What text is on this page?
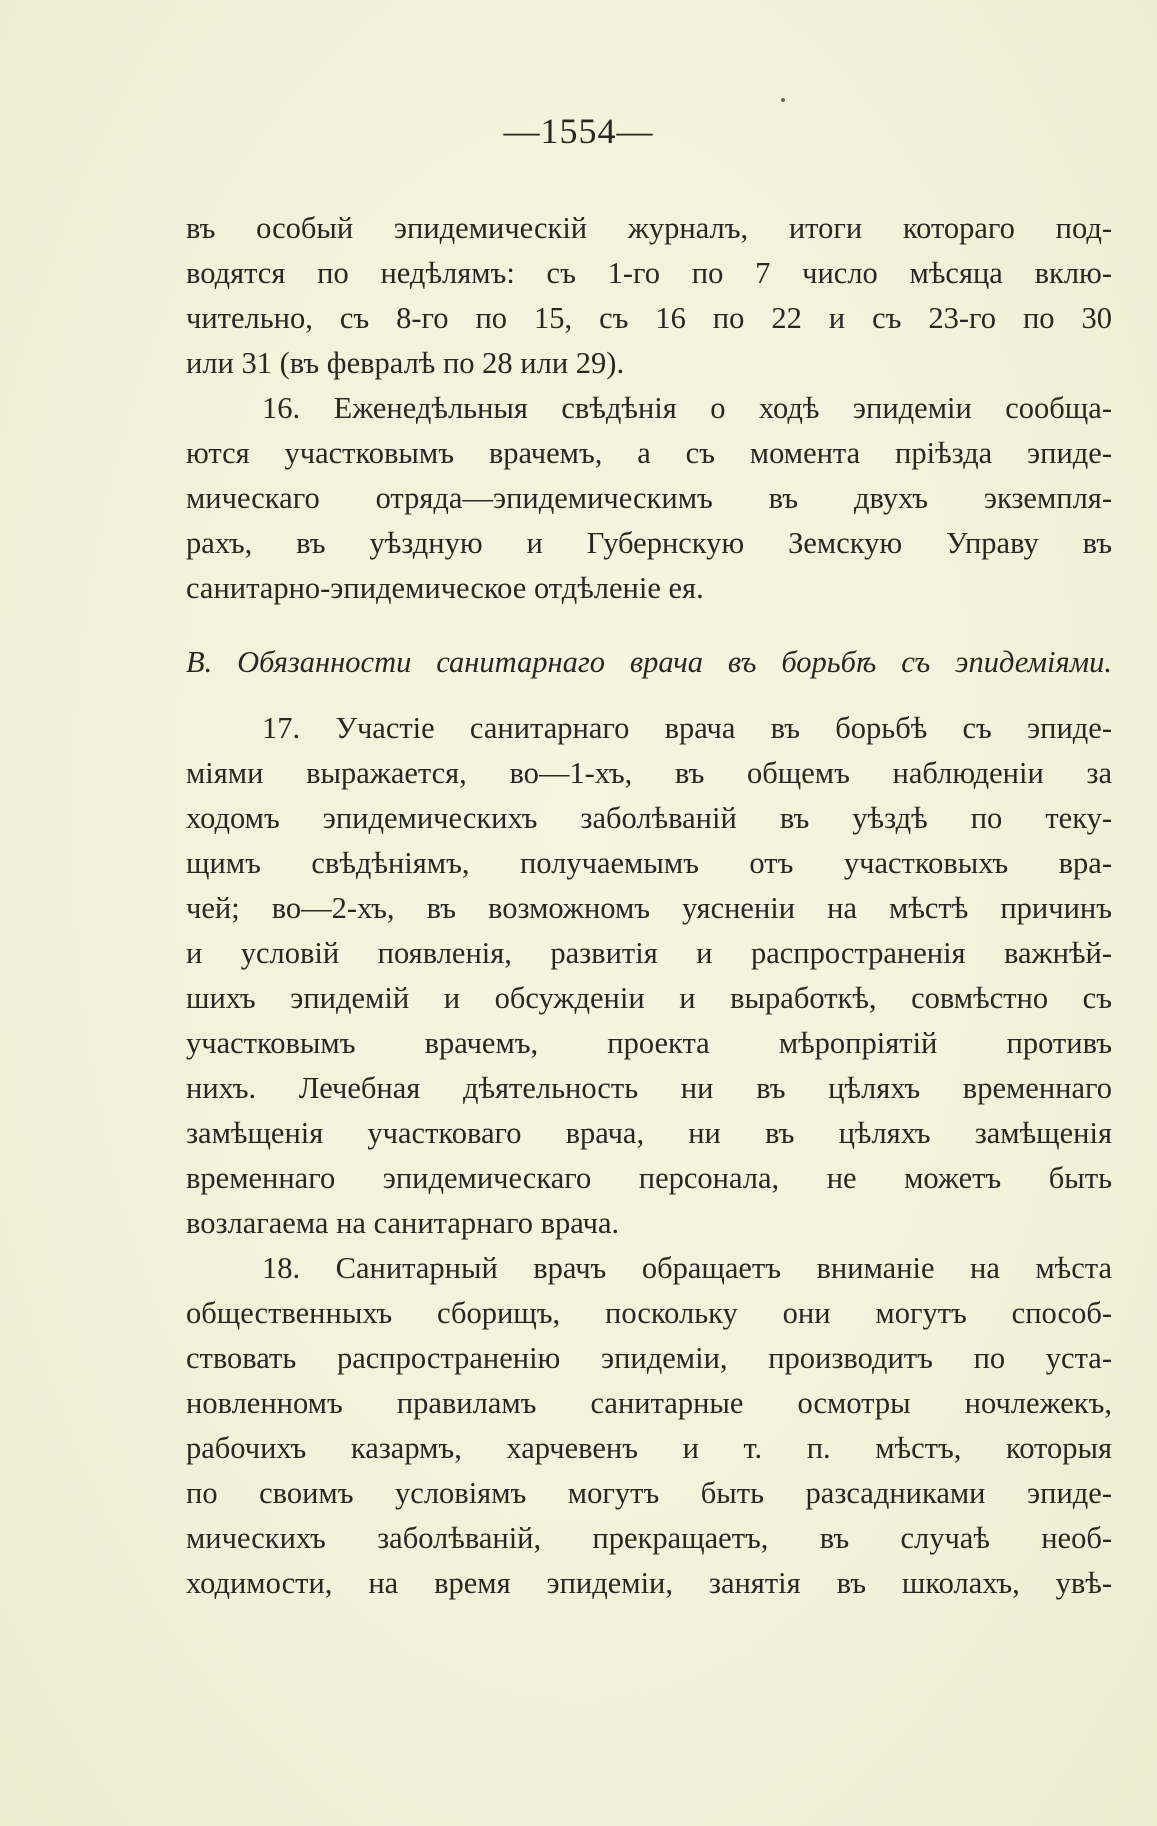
—1554—
въ особый эпидемическій журналъ, итоги котораго под-
водятся по недѣлямъ: съ 1-го по 7 число мѣсяца вклю-
чительно, съ 8-го по 15, съ 16 по 22 и съ 23-го по 30
или 31 (въ февралѣ по 28 или 29).
16. Еженедѣльныя свѣдѣнія о ходѣ эпидеміи сообща-
ются участковымъ врачемъ, а съ момента пріѣзда эпиде-
мическаго отряда—эпидемическимъ въ двухъ экземпля-
рахъ, въ уѣздную и Губернскую Земскую Управу въ
санитарно-эпидемическое отдѣленіе ея.
В. Обязанности санитарнаго врача въ борьбѣ съ эпидеміями.
17. Участіе санитарнаго врача въ борьбѣ съ эпиде-
міями выражается, во—1-хъ, въ общемъ наблюденіи за
ходомъ эпидемическихъ заболѣваній въ уѣздѣ по теку-
щимъ свѣдѣніямъ, получаемымъ отъ участковыхъ вра-
чей; во—2-хъ, въ возможномъ уясненіи на мѣстѣ причинъ
и условій появленія, развитія и распространенія важнѣй-
шихъ эпидемій и обсужденіи и выработкѣ, совмѣстно съ
участковымъ врачемъ, проекта мѣропріятій противъ
нихъ. Лечебная дѣятельность ни въ цѣляхъ временнаго
замѣщенія участковаго врача, ни въ цѣляхъ замѣщенія
временнаго эпидемическаго персонала, не можетъ быть
возлагаема на санитарнаго врача.
18. Санитарный врачъ обращаетъ вниманіе на мѣста
общественныхъ сборищъ, поскольку они могутъ способ-
ствовать распространенію эпидеміи, производитъ по уста-
новленномъ правиламъ санитарные осмотры ночлежекъ,
рабочихъ казармъ, харчевенъ и т. п. мѣстъ, которыя
по своимъ условіямъ могутъ быть разсадниками эпиде-
мическихъ заболѣваній, прекращаетъ, въ случаѣ необ-
ходимости, на время эпидеміи, занятія въ школахъ, увѣ-
